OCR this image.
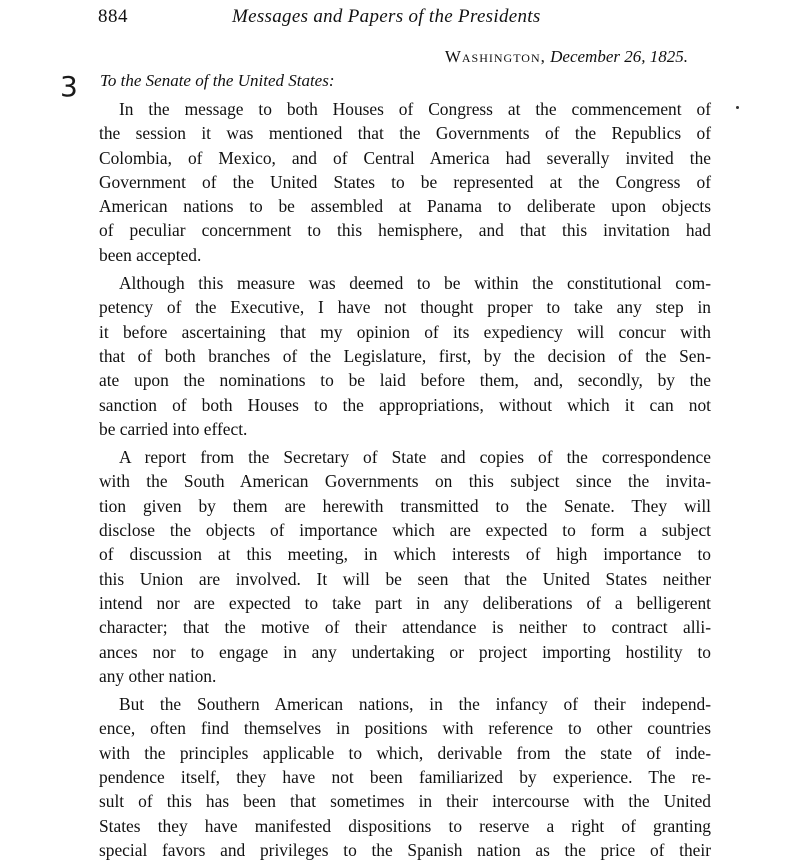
884	Messages and Papers of the Presidents
Washington, December 26, 1825.
3 To the Senate of the United States:
In the message to both Houses of Congress at the commencement of
the session it was mentioned that the Governments of the Republics of
Colombia, of Mexico, and of Central America had severally invited the
Government of the United States to be represented at the Congress of
American nations to be assembled at Panama to deliberate upon objects
of peculiar concernment to this hemisphere, and that this invitation had
been accepted.
Although this measure was deemed to be within the constitutional com-
petency of the Executive, I have not thought proper to take any step in
it before ascertaining that my opinion of its expediency will concur with
that of both branches of the Legislature, first, by the decision of the Sen-
ate upon the nominations to be laid before them, and, secondly, by the
sanction of both Houses to the appropriations, without which it can not
be carried into effect.
A report from the Secretary of State and copies of the correspondence
with the South American Governments on this subject since the invita-
tion given by them are herewith transmitted to the Senate. They will
disclose the objects of importance which are expected to form a subject
of discussion at this meeting, in which interests of high importance to
this Union are involved. It will be seen that the United States neither
intend nor are expected to take part in any deliberations of a belligerent
character; that the motive of their attendance is neither to contract alli-
ances nor to engage in any undertaking or project importing hostility to
any other nation.
But the Southern American nations, in the infancy of their independ-
ence, often find themselves in positions with reference to other countries
with the principles applicable to which, derivable from the state of inde-
pendence itself, they have not been familiarized by experience. The re-
sult of this has been that sometimes in their intercourse with the United
States they have manifested dispositions to reserve a right of granting
special favors and privileges to the Spanish nation as the price of their
